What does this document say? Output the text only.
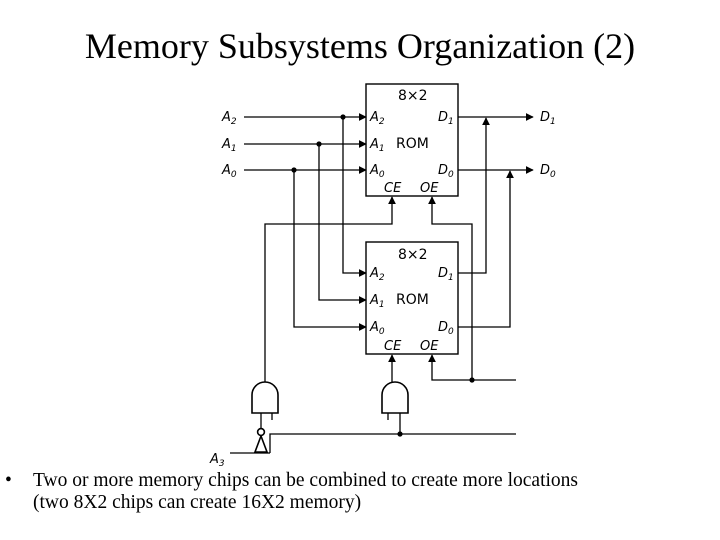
Memory Subsystems Organization (2)
$A_2$
$A_1$
$A_0$
$A_3$
$D_1$
$D_0$
8×2
$A_2$
$A_1$ ROM
$A_0$
$D_1$
$D_0$
CE OE
8×2
$A_2$
$A_1$ ROM
$A_0$
$D_1$
$D_0$
CE OE
• Two or more memory chips can be combined to create more locations
(two 8X2 chips can create 16X2 memory)
